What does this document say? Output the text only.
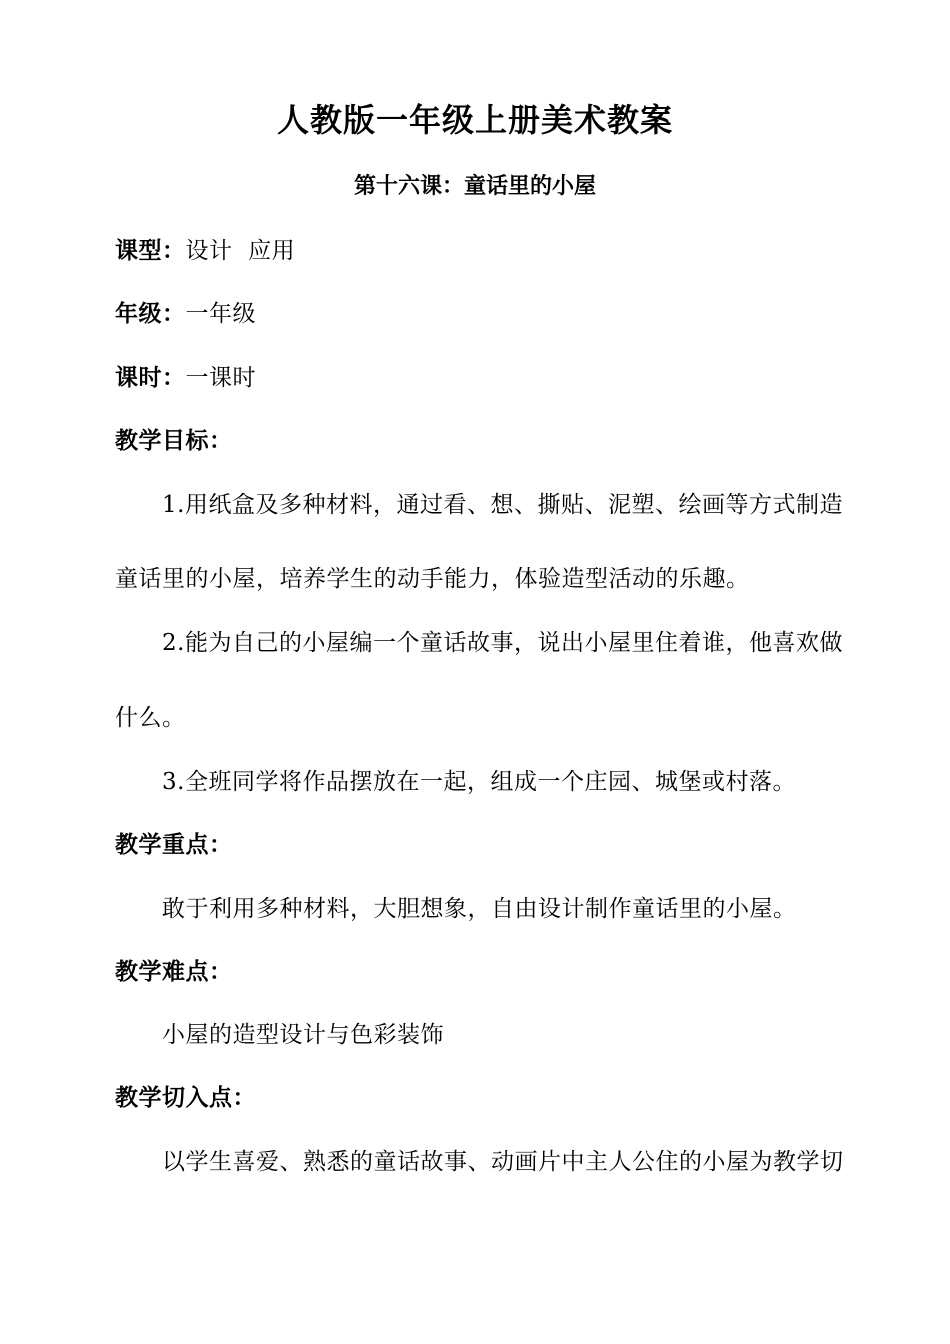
人教版一年级上册美术教案
第十六课：童话里的小屋
课型：设计  应用
年级：一年级
课时：一课时
教学目标：
1.用纸盒及多种材料，通过看、想、撕贴、泥塑、绘画等方式制造
童话里的小屋，培养学生的动手能力，体验造型活动的乐趣。
2.能为自己的小屋编一个童话故事，说出小屋里住着谁，他喜欢做
什么。
3.全班同学将作品摆放在一起，组成一个庄园、城堡或村落。
教学重点：
敢于利用多种材料，大胆想象，自由设计制作童话里的小屋。
教学难点：
小屋的造型设计与色彩装饰
教学切入点：
以学生喜爱、熟悉的童话故事、动画片中主人公住的小屋为教学切
